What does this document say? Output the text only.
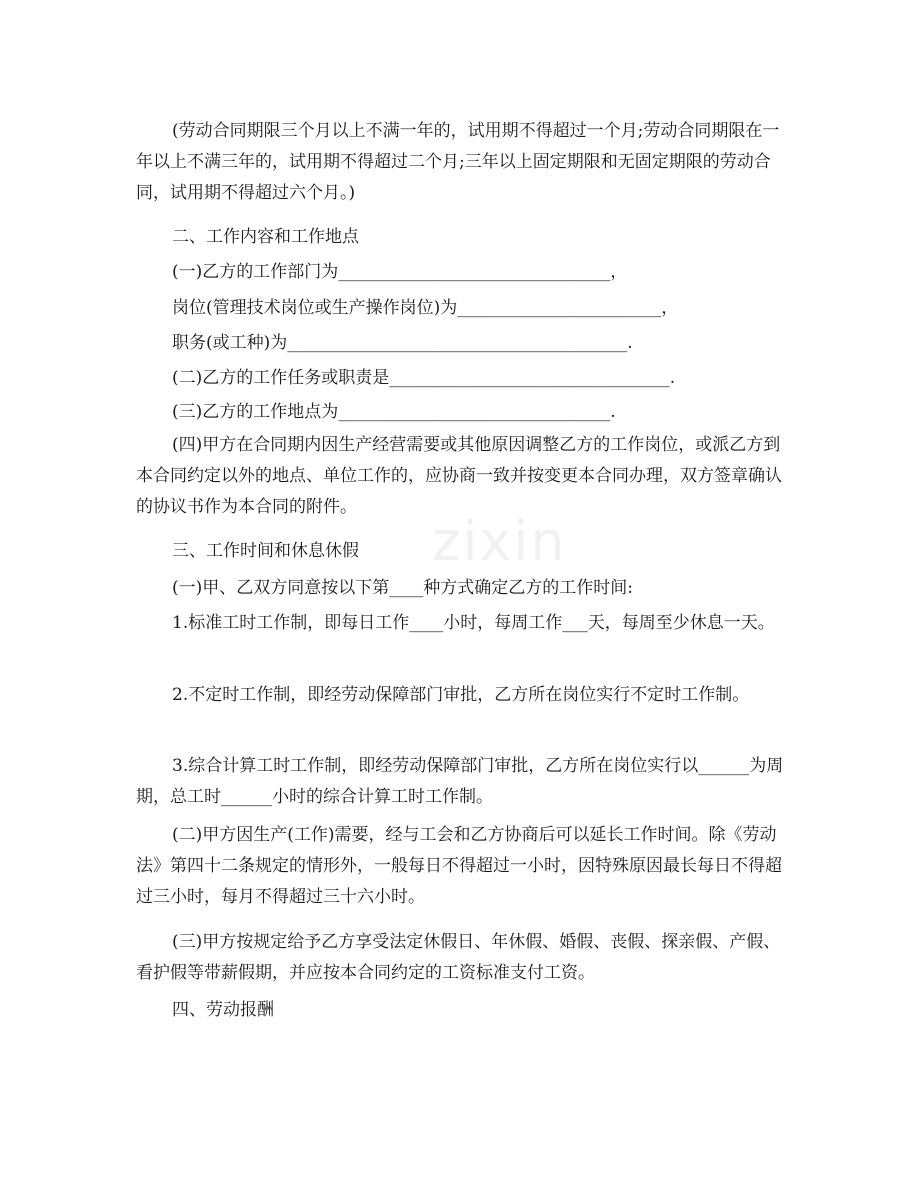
zixin
(劳动合同期限三个月以上不满一年的，试用期不得超过一个月;劳动合同期限在一年以上不满三年的，试用期不得超过二个月;三年以上固定期限和无固定期限的劳动合同，试用期不得超过六个月。)
二、工作内容和工作地点
(一)乙方的工作部门为________________________________，
岗位(管理技术岗位或生产操作岗位)为________________________，
职务(或工种)为________________________________________.
(二)乙方的工作任务或职责是_________________________________.
(三)乙方的工作地点为________________________________.
(四)甲方在合同期内因生产经营需要或其他原因调整乙方的工作岗位，或派乙方到本合同约定以外的地点、单位工作的，应协商一致并按变更本合同办理，双方签章确认的协议书作为本合同的附件。
三、工作时间和休息休假
(一)甲、乙双方同意按以下第____种方式确定乙方的工作时间:
1.标准工时工作制，即每日工作____小时，每周工作___天，每周至少休息一天。
2.不定时工作制，即经劳动保障部门审批，乙方所在岗位实行不定时工作制。
3.综合计算工时工作制，即经劳动保障部门审批，乙方所在岗位实行以______为周期，总工时______小时的综合计算工时工作制。
(二)甲方因生产(工作)需要，经与工会和乙方协商后可以延长工作时间。除《劳动法》第四十二条规定的情形外，一般每日不得超过一小时，因特殊原因最长每日不得超过三小时，每月不得超过三十六小时。
(三)甲方按规定给予乙方享受法定休假日、年休假、婚假、丧假、探亲假、产假、看护假等带薪假期，并应按本合同约定的工资标准支付工资。
四、劳动报酬
